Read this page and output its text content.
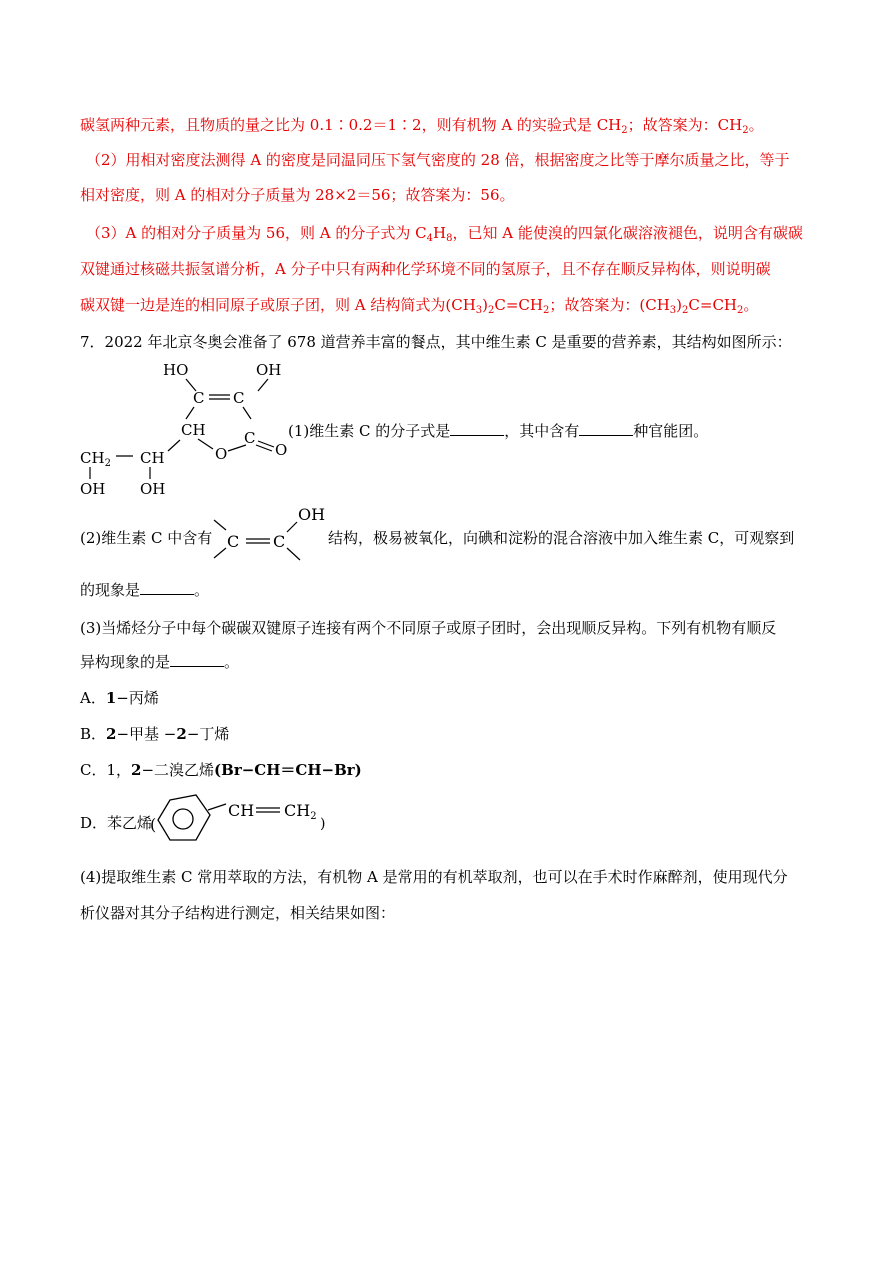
碳氢两种元素，且物质的量之比为 0.1∶0.2＝1∶2，则有机物 A 的实验式是 $CH_2$；故答案为：$CH_2$。
（2）用相对密度法测得 A 的密度是同温同压下氢气密度的 28 倍，根据密度之比等于摩尔质量之比，等于
相对密度，则 A 的相对分子质量为 28×2＝56；故答案为：56。
（3）A 的相对分子质量为 56，则 A 的分子式为 $C_4H_8$，已知 A 能使溴的四氯化碳溶液褪色，说明含有碳碳
双键通过核磁共振氢谱分析，A 分子中只有两种化学环境不同的氢原子，且不存在顺反异构体，则说明碳
碳双键一边是连的相同原子或原子团，则 A 结构简式为$(CH_3)_2C=CH_2$；故答案为：$(CH_3)_2C=CH_2$。
7．2022 年北京冬奥会准备了 678 道营养丰富的餐点，其中维生素 C 是重要的营养素，其结构如图所示：
HO	OH
C C
CH	C
O	O
$CH_2$ CH
OH OH
(1)维生素 C 的分子式是	，其中含有	种官能团。
(2)维生素 C 中含有 C C
OH
结构，极易被氧化，向碘和淀粉的混合溶液中加入维生素 C，可观察到
的现象是	。
(3)当烯烃分子中每个碳碳双键原子连接有两个不同原子或原子团时，会出现顺反异构。下列有机物有顺反
异构现象的是	。
A．1−丙烯
B．2−甲基 −2−丁烯
C．1，2−二溴乙烯(Br−CH＝CH−Br)
D．苯乙烯
(
CH CH2 )
(4)提取维生素 C 常用萃取的方法，有机物 A 是常用的有机萃取剂，也可以在手术时作麻醉剂，使用现代分
析仪器对其分子结构进行测定，相关结果如图：
